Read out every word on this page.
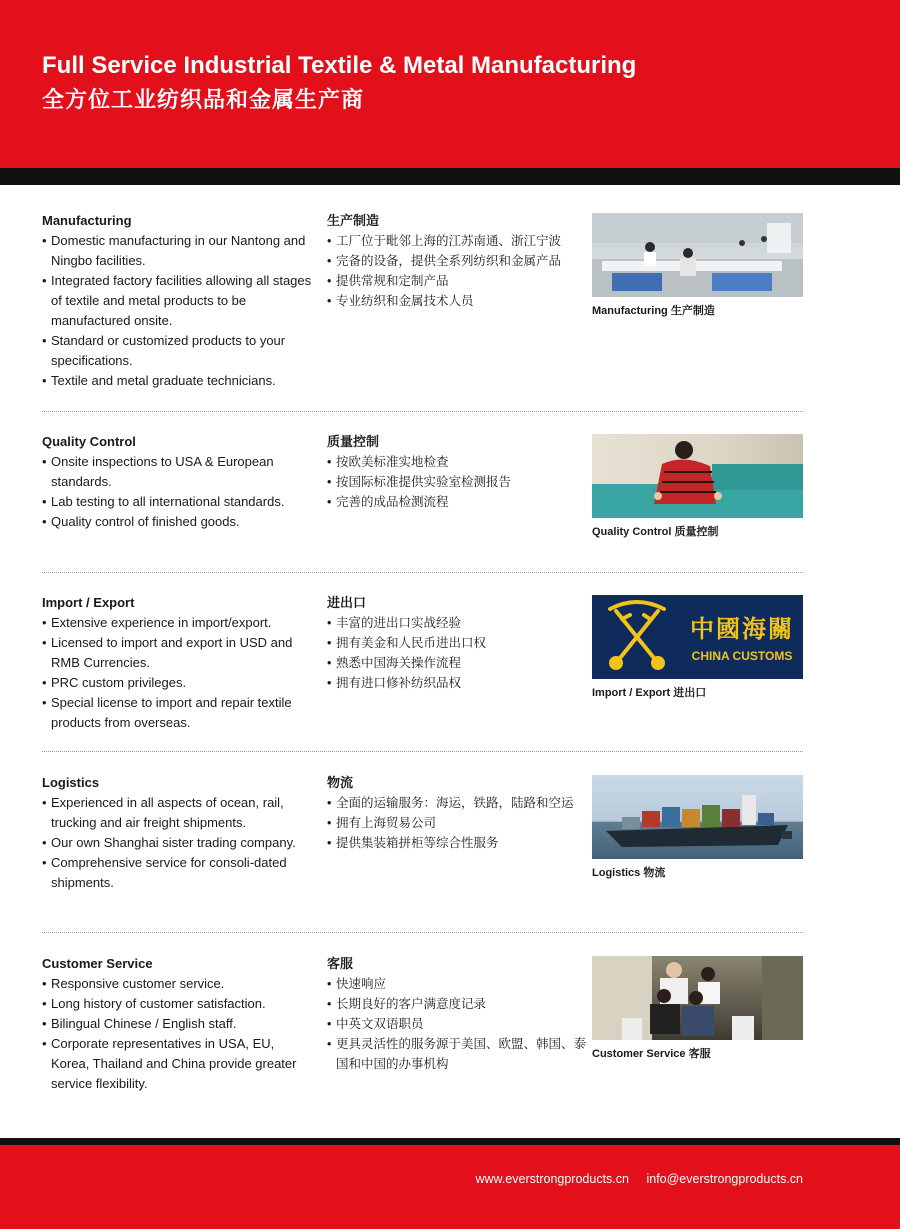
Full Service Industrial Textile & Metal Manufacturing
全方位工业纺织品和金属生产商
Manufacturing
• Domestic manufacturing in our Nantong and Ningbo facilities.
• Integrated factory facilities allowing all stages of textile and metal products to be manufactured onsite.
• Standard or customized products to your specifications.
• Textile and metal graduate technicians.
生产制造
• 工厂位于毗邻上海的江苏南通、浙江宁波
• 完备的设备，提供全系列纺织和金属产品
• 提供常规和定制产品
• 专业纺织和金属技术人员
Manufacturing 生产制造
Quality Control
• Onsite inspections to USA & European standards.
• Lab testing to all international standards.
• Quality control of finished goods.
质量控制
• 按欧美标准实地检查
• 按国际标准提供实验室检测报告
• 完善的成品检测流程
Quality Control 质量控制
Import / Export
• Extensive experience in import/export.
• Licensed to import and export in USD and RMB Currencies.
• PRC custom privileges.
• Special license to import and repair textile products from overseas.
进出口
• 丰富的进出口实战经验
• 拥有美金和人民币进出口权
• 熟悉中国海关操作流程
• 拥有进口修补纺织品权
中國海關
CHINA CUSTOMS
Import / Export 进出口
Logistics
• Experienced in all aspects of ocean, rail, trucking and air freight shipments.
• Our own Shanghai sister trading company.
• Comprehensive service for consoli-dated shipments.
物流
• 全面的运输服务：海运，铁路，陆路和空运
• 拥有上海贸易公司
• 提供集装箱拼柜等综合性服务
Logistics 物流
Customer Service
• Responsive customer service.
• Long history of customer satisfaction.
• Bilingual Chinese / English staff.
• Corporate representatives in USA, EU, Korea, Thailand and China provide greater service flexibility.
客服
• 快速响应
• 长期良好的客户满意度记录
• 中英文双语职员
• 更具灵活性的服务源于美国、欧盟、韩国、泰国和中国的办事机构
Customer Service 客服
www.everstrongproducts.cn info@everstrongproducts.cn
